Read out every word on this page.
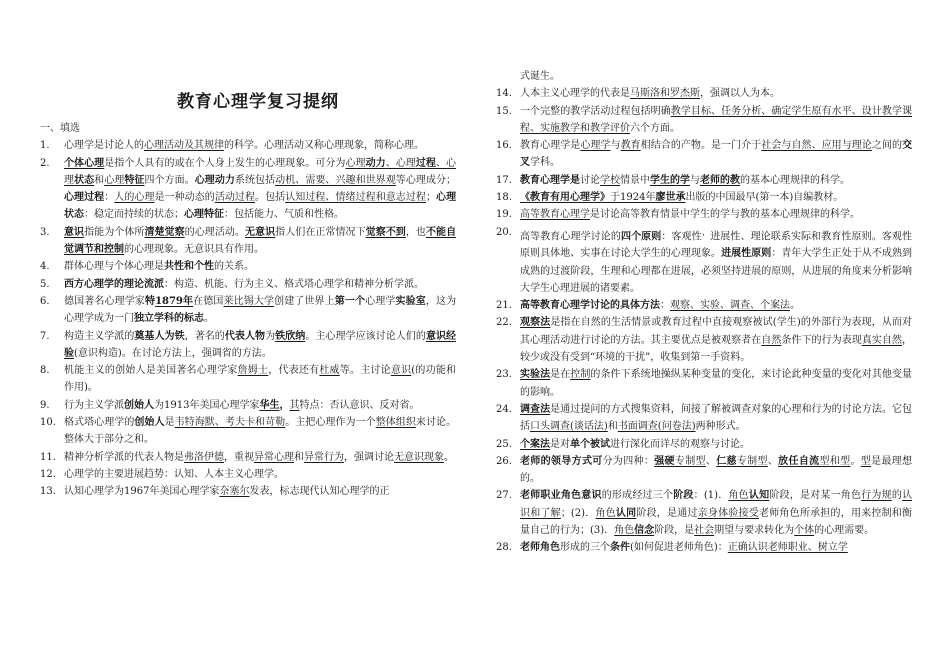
教育心理学复习提纲
一、填选
1.	心理学是讨论人的心理活动及其规律的科学。心理活动又称心理现象，简称心理。
2.	个体心理是指个人具有的或在个人身上发生的心理现象。可分为心理动力、心理过程、心理状态和心理特征四个方面。心理动力系统包括动机、需要、兴趣和世界观等心理成分；心理过程：人的心理是一种动态的活动过程。包括认知过程、情绪过程和意志过程；心理状态：稳定而持续的状态；心理特征：包括能力、气质和性格。
3.	意识指能为个体所清楚觉察的心理活动。无意识指人们在正常情况下觉察不到，也不能自觉调节和控制的心理现象。无意识具有作用。
4.	群体心理与个体心理是共性和个性的关系。
5.	西方心理学的理论流派：构造、机能、行为主义、格式塔心理学和精神分析学派。
6.	德国著名心理学家特1879年在德国莱比锡大学创建了世界上第一个心理学实验室，这为心理学成为一门独立学科的标志。
7.	构造主义学派的奠基人为铁，著名的代表人物为铁欣纳。主心理学应该讨论人们的意识经验(意识构造)。在讨论方法上，强调省的方法。
8.	机能主义的创始人是美国著名心理学家詹姆士，代表还有杜威等。主讨论意识(的功能和作用)。
9.	行为主义学派创始人为1913年美国心理学家华生，其特点：否认意识、反对省。
10. 格式塔心理学的创始人是韦特海默、考夫卡和苛勒。主把心理作为一个整体组织来讨论。整体大于部分之和。
11. 精神分析学派的代表人物是弗洛伊德，重视异常心理和异常行为，强调讨论无意识现象。
12. 心理学的主要进展趋势：认知、人本主义心理学。
13. 认知心理学为1967年美国心理学家奈塞尔发表，标志现代认知心理学的正
式诞生。
14. 人本主义心理学的代表是马斯洛和罗杰斯，强调以人为本。
15. 一个完整的教学活动过程包括明确教学目标、任务分析、确定学生原有水平、设计教学课程、实施教学和教学评价六个方面。
16. 教育心理学是心理学与教育相结合的产物。是一门介于社会与自然、应用与理论之间的交叉学科。
17. 教育心理学是讨论学校情景中学生的学与老师的教的基本心理规律的科学。
18. 《教育有用心理学》于1924年廖世承出版的中国最早(第一本)自编教材。
19. 高等教育心理学是讨论高等教育情景中学生的学与教的基本心理规律的科学。
20. 高等教育心理学讨论的四个原则：客观性、进展性、理论联系实际和教育性原则。客观性原则具体地、实事在讨论大学生的心理现象。进展性原则：青年大学生正处于从不成熟到成熟的过渡阶段，生理和心理都在进展，必须坚持进展的原则，从进展的角度来分析影响大学生心理进展的诸要素。
21. 高等教育心理学讨论的具体方法：观察、实验、调查、个案法。
22. 观察法是指在自然的生活情景或教育过程中直接观察被试(学生)的外部行为表现，从而对其心理活动进行讨论的方法。其主要优点是被观察者在自然条件下的行为表现真实自然，较少或没有受到“环境的干扰”，收集到第一手资料。
23. 实验法是在控制的条件下系统地操纵某种变量的变化，来讨论此种变量的变化对其他变量的影响。
24. 调查法是通过提问的方式搜集资料，间接了解被调查对象的心理和行为的讨论方法。它包括口头调查(谈话法)和书面调查(问卷法)两种形式。
25. 个案法是对单个被试进行深化而详尽的观察与讨论。
26. 老师的领导方式可分为四种：强硬专制型、仁慈专制型、放任自流型和型。型是最理想的。
27. 老师职业角色意识的形成经过三个阶段：(1)．角色认知阶段，是对某一角色行为规的认识和了解；(2)．角色认同阶段，是通过亲身体验接受老师角色所承担的，用来控制和衡量自己的行为；(3)．角色信念阶段，是社会期望与要求转化为个体的心理需要。
28. 老师角色形成的三个条件(如何促进老师角色)：正确认识老师职业、树立学
